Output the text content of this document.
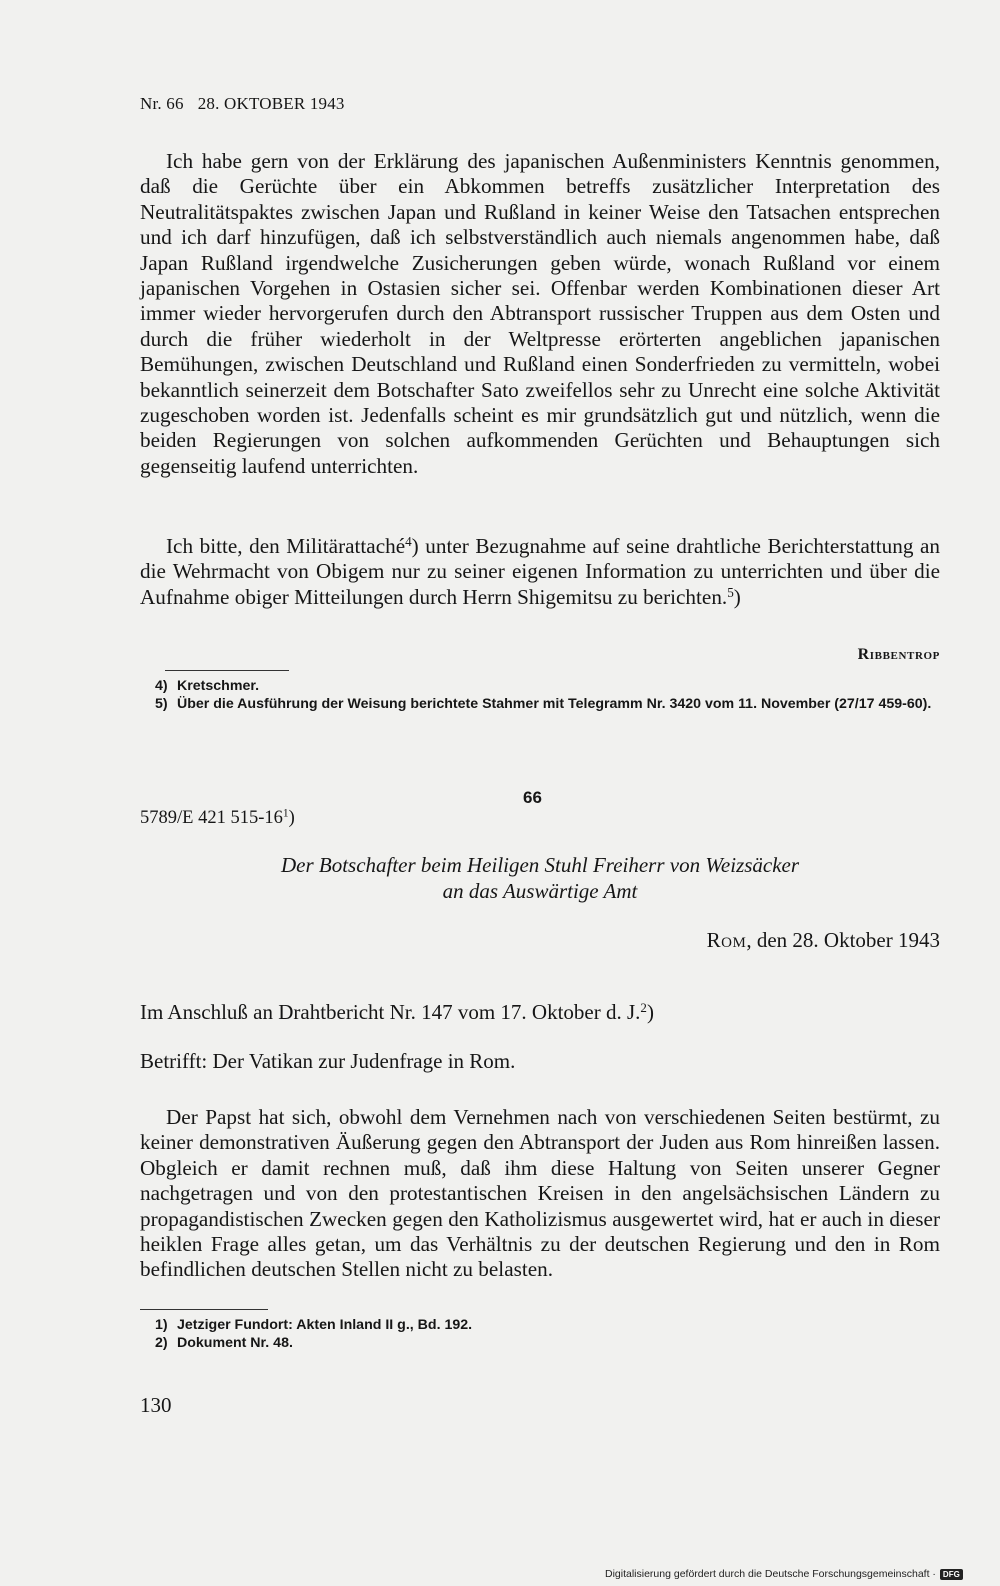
Nr. 66 28. OKTOBER 1943

Ich habe gern von der Erklärung des japanischen Außenministers Kenntnis genommen, daß die Gerüchte über ein Abkommen betreffs zusätzlicher Interpretation des Neutralitätspaktes zwischen Japan und Rußland in keiner Weise den Tatsachen entsprechen und ich darf hinzufügen, daß ich selbstverständlich auch niemals angenommen habe, daß Japan Rußland irgendwelche Zusicherungen geben würde, wonach Rußland vor einem japanischen Vorgehen in Ostasien sicher sei. Offenbar werden Kombinationen dieser Art immer wieder hervorgerufen durch den Abtransport russischer Truppen aus dem Osten und durch die früher wiederholt in der Weltpresse erörterten angeblichen japanischen Bemühungen, zwischen Deutschland und Rußland einen Sonderfrieden zu vermitteln, wobei bekanntlich seinerzeit dem Botschafter Sato zweifellos sehr zu Unrecht eine solche Aktivität zugeschoben worden ist. Jedenfalls scheint es mir grundsätzlich gut und nützlich, wenn die beiden Regierungen von solchen aufkommenden Gerüchten und Behauptungen sich gegenseitig laufend unterrichten.

Ich bitte, den Militärattaché$^4$) unter Bezugnahme auf seine drahtliche Berichterstattung an die Wehrmacht von Obigem nur zu seiner eigenen Information zu unterrichten und über die Aufnahme obiger Mitteilungen durch Herrn Shigemitsu zu berichten.$^5$)

Ribbentrop
4) Kretschmer.
5) Über die Ausführung der Weisung berichtete Stahmer mit Telegramm Nr. 3420 vom 11. November (27/17 459-60).
66
5789/E 421 $515-16^1$)
Der Botschafter beim Heiligen Stuhl Freiherr von Weizsäcker
an das Auswärtige Amt
Rom, den 28. Oktober 1943
Im Anschluß an Drahtbericht Nr. 147 vom 17. Oktober d. J.$^2$)
Betrifft: Der Vatikan zur Judenfrage in Rom.

Der Papst hat sich, obwohl dem Vernehmen nach von verschiedenen Seiten bestürmt, zu keiner demonstrativen Äußerung gegen den Abtransport der Juden aus Rom hinreißen lassen. Obgleich er damit rechnen muß, daß ihm diese Haltung von Seiten unserer Gegner nachgetragen und von den protestantischen Kreisen in den angelsächsischen Ländern zu propagandistischen Zwecken gegen den Katholizismus ausgewertet wird, hat er auch in dieser heiklen Frage alles getan, um das Verhältnis zu der deutschen Regierung und den in Rom befindlichen deutschen Stellen nicht zu belasten.

1) Jetziger Fundort: Akten Inland II g., Bd. 192.
2) Dokument Nr. 48.
130
Digitalisierung gefördert durch die Deutsche Forschungsgemeinschaft · DFG
